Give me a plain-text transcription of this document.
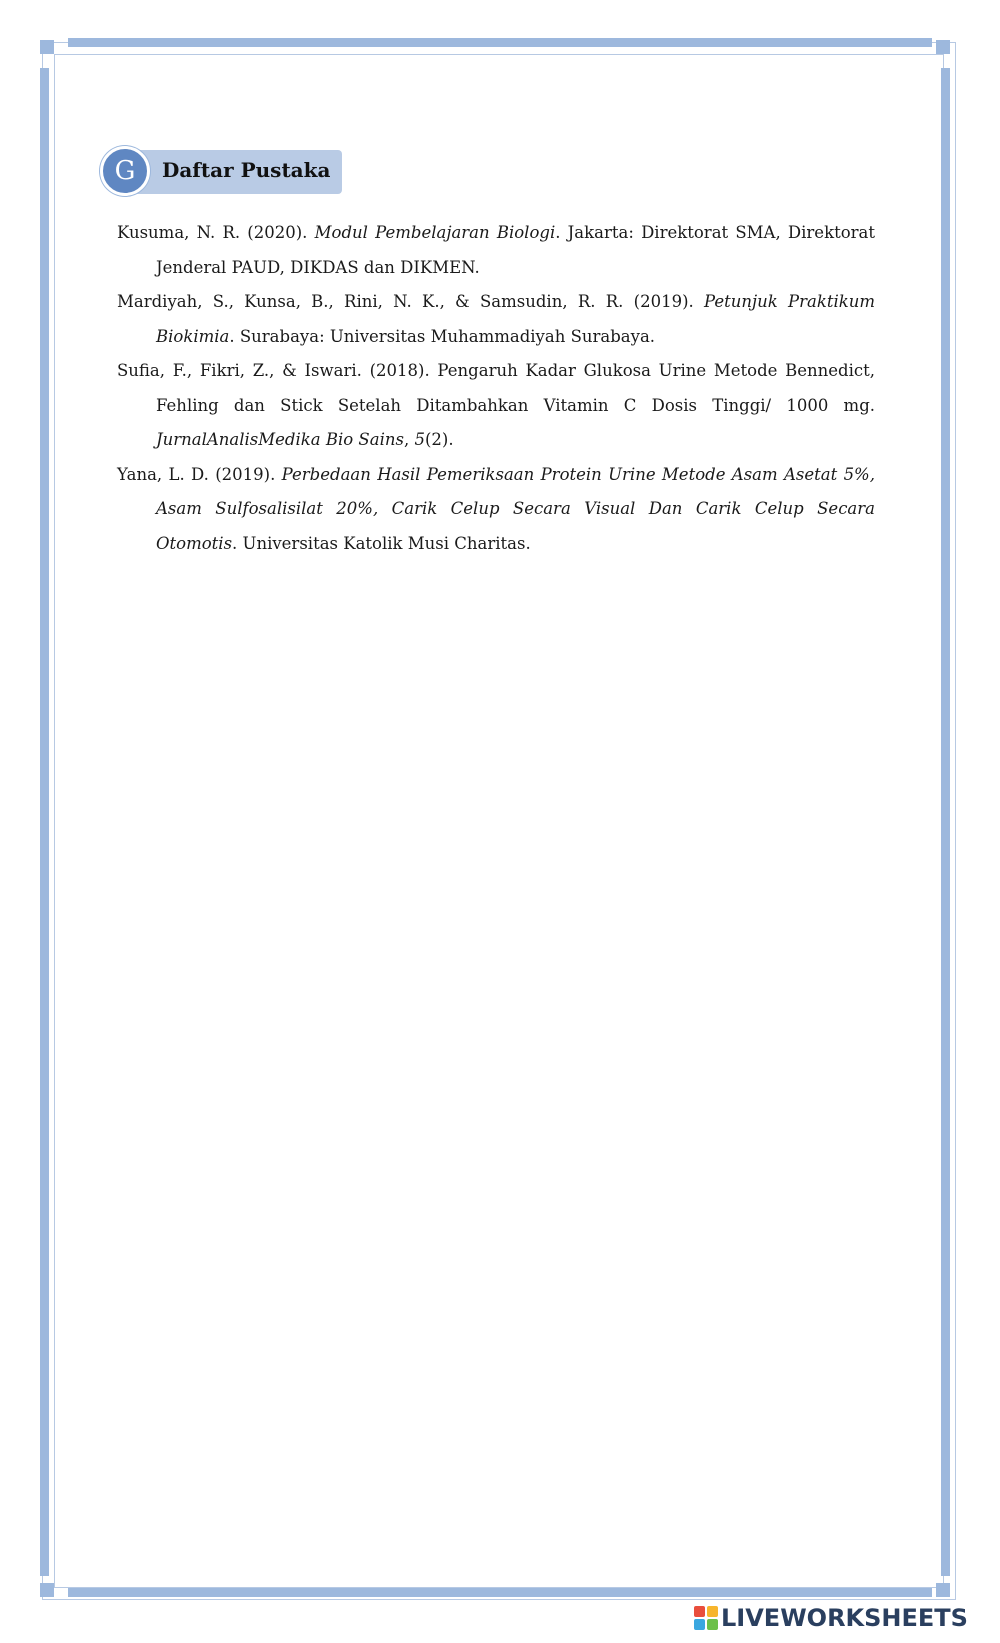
G	Daftar Pustaka

Kusuma, N. R. (2020). Modul Pembelajaran Biologi. Jakarta: Direktorat SMA, Direktorat Jenderal PAUD, DIKDAS dan DIKMEN.

Mardiyah, S., Kunsa, B., Rini, N. K., & Samsudin, R. R. (2019). Petunjuk Praktikum Biokimia. Surabaya: Universitas Muhammadiyah Surabaya.

Sufia, F., Fikri, Z., & Iswari. (2018). Pengaruh Kadar Glukosa Urine Metode Bennedict, Fehling dan Stick Setelah Ditambahkan Vitamin C Dosis Tinggi/ 1000 mg. JurnalAnalisMedika Bio Sains, 5(2).

Yana, L. D. (2019). Perbedaan Hasil Pemeriksaan Protein Urine Metode Asam Asetat 5%, Asam Sulfosalisilat 20%, Carik Celup Secara Visual Dan Carik Celup Secara Otomotis. Universitas Katolik Musi Charitas.

LIVEWORKSHEETS
